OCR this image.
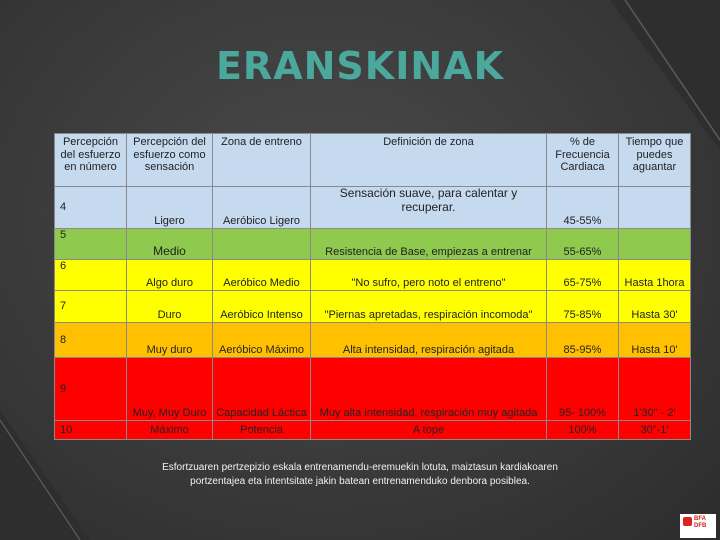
ERANSKINAK
Percepción del esfuerzo en número	Percepción del esfuerzo como sensación	Zona de entreno	Definición de zona	% de Frecuencia Cardiaca	Tiempo que puedes aguantar
4	Ligero	Aeróbico Ligero	Sensación suave, para calentar y recuperar.	45-55%	
5	Medio		Resistencia de Base, empiezas a entrenar	55-65%	
6	Algo duro	Aeróbico Medio	"No sufro, pero noto el entreno"	65-75%	Hasta 1hora
7	Duro	Aeróbico Intenso	"Piernas apretadas, respiración incomoda"	75-85%	Hasta 30'
8	Muy duro	Aeróbico Máximo	Alta intensidad, respiración agitada	85-95%	Hasta 10'
9	Muy, Muy Duro	Capacidad Láctica	Muy alta intensidad, respiración muy agitada	95- 100%	1'30" - 2'
10	Máximo	Potencia	A tope	100%	30"-1'
Esfortzuaren pertzepizio eskala entrenamendu-eremuekin lotuta, maiztasun kardiakoaren
portzentajea eta intentsitate jakin batean entrenamenduko denbora posiblea.
BFA
DFB
